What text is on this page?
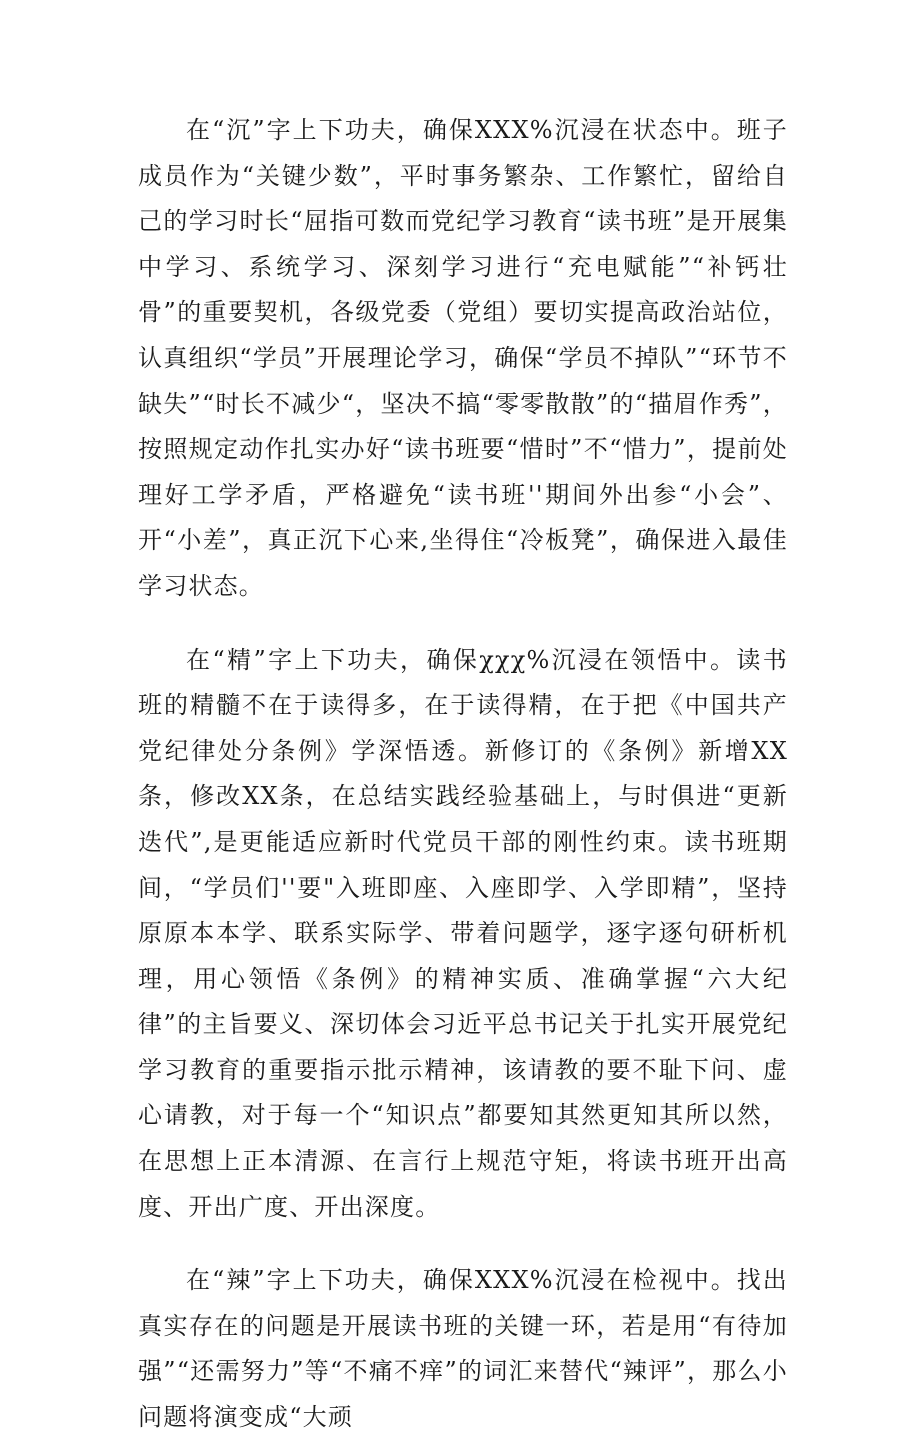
在“沉”字上下功夫，确保XXX%沉浸在状态中。班子成员作为“关键少数”，平时事务繁杂、工作繁忙，留给自己的学习时长“屈指可数而党纪学习教育“读书班”是开展集中学习、系统学习、深刻学习进行“充电赋能”“补钙壮骨”的重要契机，各级党委（党组）要切实提高政治站位，认真组织“学员”开展理论学习，确保“学员不掉队”“环节不缺失”“时长不减少“，坚决不搞“零零散散”的“描眉作秀”，按照规定动作扎实办好“读书班要“惜时”不“惜力”，提前处理好工学矛盾，严格避免“读书班''期间外出参“小会”、开“小差”，真正沉下心来,坐得住“冷板凳”，确保进入最佳学习状态。

在“精”字上下功夫，确保χχχ%沉浸在领悟中。读书班的精髓不在于读得多，在于读得精，在于把《中国共产党纪律处分条例》学深悟透。新修订的《条例》新增XX条，修改XX条，在总结实践经验基础上，与时俱进“更新迭代”,是更能适应新时代党员干部的刚性约束。读书班期间，“学员们''要"入班即座、入座即学、入学即精”，坚持原原本本学、联系实际学、带着问题学，逐字逐句研析机理，用心领悟《条例》的精神实质、准确掌握“六大纪律”的主旨要义、深切体会习近平总书记关于扎实开展党纪学习教育的重要指示批示精神，该请教的要不耻下问、虚心请教，对于每一个“知识点”都要知其然更知其所以然，在思想上正本清源、在言行上规范守矩，将读书班开出高度、开出广度、开出深度。

在“辣”字上下功夫，确保XXX%沉浸在检视中。找出真实存在的问题是开展读书班的关键一环，若是用“有待加强”“还需努力”等“不痛不痒”的词汇来替代“辣评”，那么小问题将演变成“大顽
